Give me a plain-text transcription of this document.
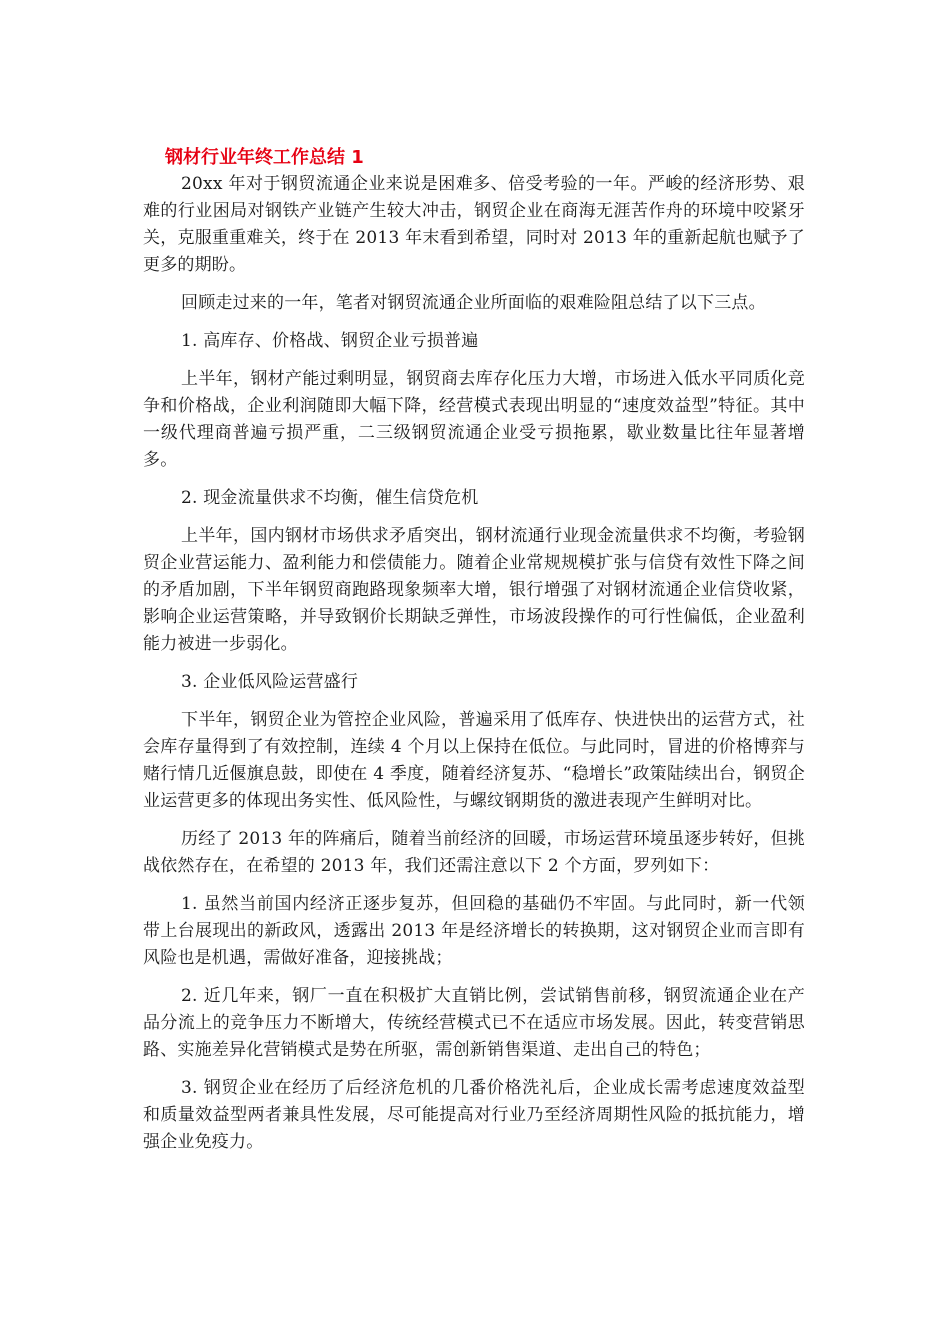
钢材行业年终工作总结 1

20xx 年对于钢贸流通企业来说是困难多、倍受考验的一年。严峻的经济形势、艰难的行业困局对钢铁产业链产生较大冲击，钢贸企业在商海无涯苦作舟的环境中咬紧牙关，克服重重难关，终于在 2013 年末看到希望，同时对 2013 年的重新起航也赋予了更多的期盼。

回顾走过来的一年，笔者对钢贸流通企业所面临的艰难险阻总结了以下三点。

1. 高库存、价格战、钢贸企业亏损普遍

上半年，钢材产能过剩明显，钢贸商去库存化压力大增，市场进入低水平同质化竞争和价格战，企业利润随即大幅下降，经营模式表现出明显的“速度效益型”特征。其中一级代理商普遍亏损严重，二三级钢贸流通企业受亏损拖累，歇业数量比往年显著增多。

2. 现金流量供求不均衡，催生信贷危机

上半年，国内钢材市场供求矛盾突出，钢材流通行业现金流量供求不均衡，考验钢贸企业营运能力、盈利能力和偿债能力。随着企业常规规模扩张与信贷有效性下降之间的矛盾加剧，下半年钢贸商跑路现象频率大增，银行增强了对钢材流通企业信贷收紧，影响企业运营策略，并导致钢价长期缺乏弹性，市场波段操作的可行性偏低，企业盈利能力被进一步弱化。

3. 企业低风险运营盛行

下半年，钢贸企业为管控企业风险，普遍采用了低库存、快进快出的运营方式，社会库存量得到了有效控制，连续 4 个月以上保持在低位。与此同时，冒进的价格博弈与赌行情几近偃旗息鼓，即使在 4 季度，随着经济复苏、“稳增长”政策陆续出台，钢贸企业运营更多的体现出务实性、低风险性，与螺纹钢期货的激进表现产生鲜明对比。

历经了 2013 年的阵痛后，随着当前经济的回暖，市场运营环境虽逐步转好，但挑战依然存在，在希望的 2013 年，我们还需注意以下 2 个方面，罗列如下：

1. 虽然当前国内经济正逐步复苏，但回稳的基础仍不牢固。与此同时，新一代领带上台展现出的新政风，透露出 2013 年是经济增长的转换期，这对钢贸企业而言即有风险也是机遇，需做好准备，迎接挑战；

2. 近几年来，钢厂一直在积极扩大直销比例，尝试销售前移，钢贸流通企业在产品分流上的竞争压力不断增大，传统经营模式已不在适应市场发展。因此，转变营销思路、实施差异化营销模式是势在所驱，需创新销售渠道、走出自己的特色；

3. 钢贸企业在经历了后经济危机的几番价格洗礼后，企业成长需考虑速度效益型和质量效益型两者兼具性发展，尽可能提高对行业乃至经济周期性风险的抵抗能力，增强企业免疫力。
